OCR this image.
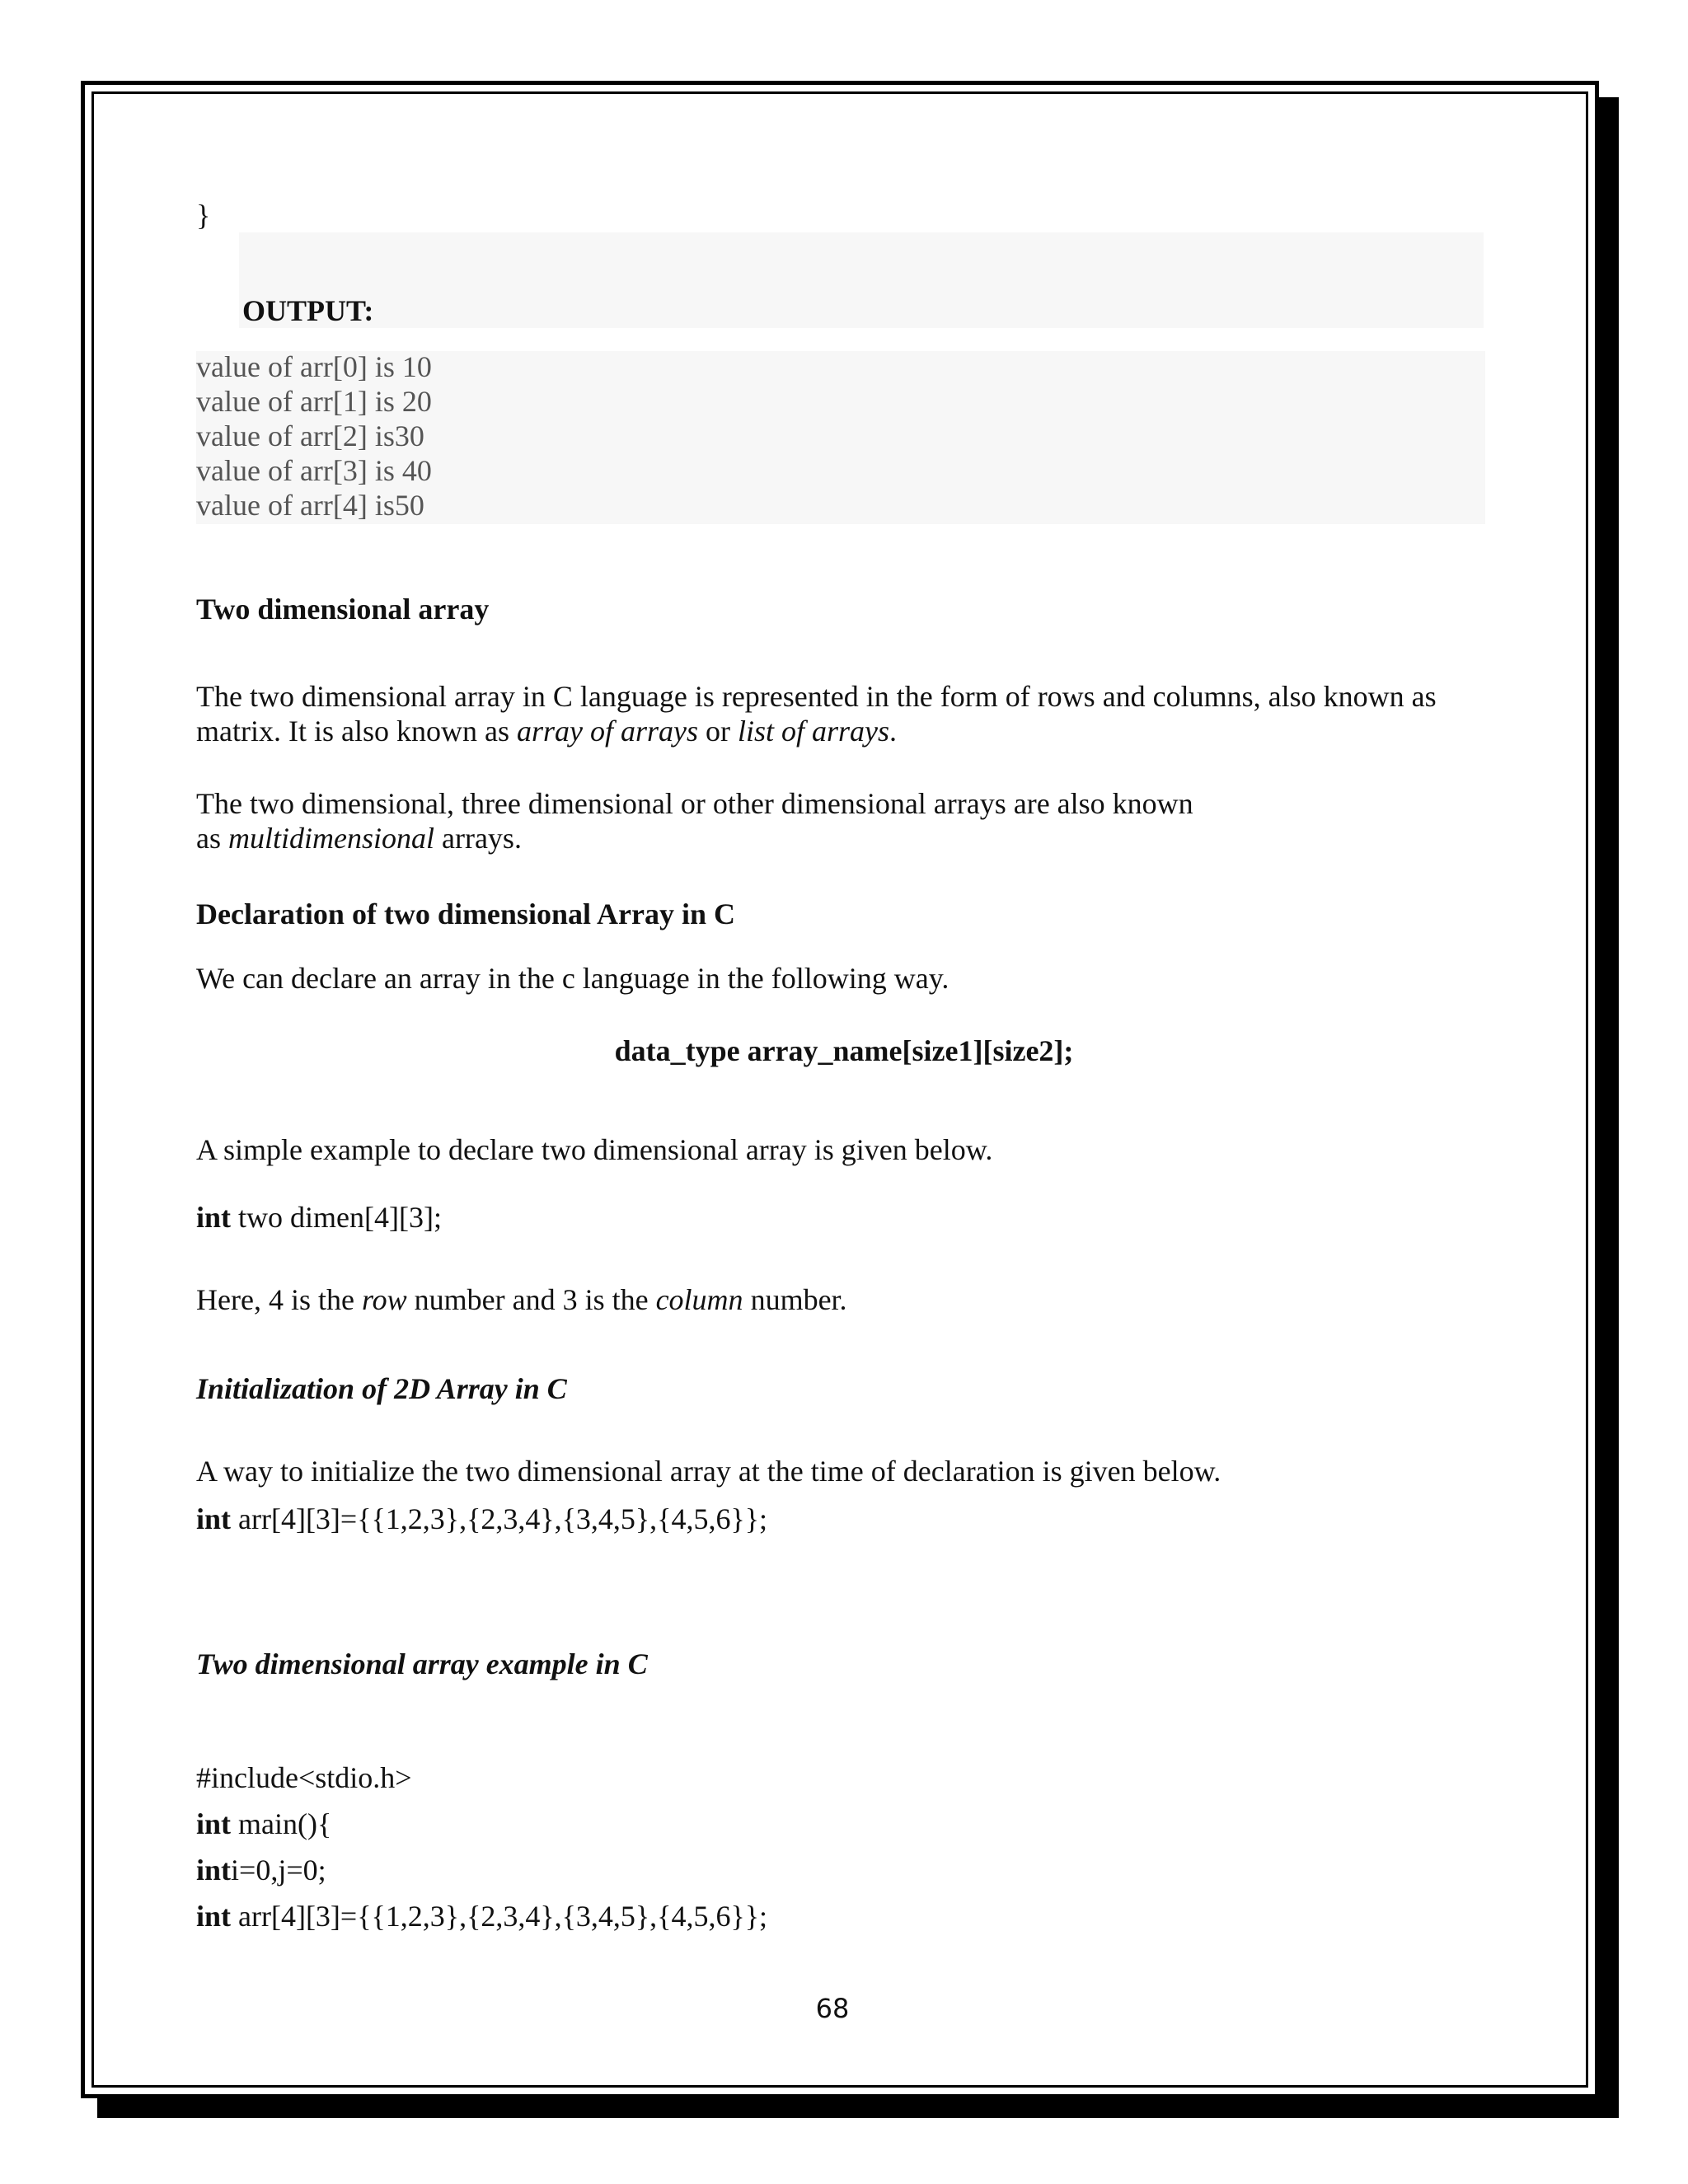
}
OUTPUT:
value of arr[0] is 10
value of arr[1] is 20
value of arr[2] is30
value of arr[3] is 40
value of arr[4] is50
Two dimensional array
The two dimensional array in C language is represented in the form of rows and columns, also known as
matrix. It is also known as array of arrays or list of arrays.
The two dimensional, three dimensional or other dimensional arrays are also known
as multidimensional arrays.
Declaration of two dimensional Array in C
We can declare an array in the c language in the following way.
data_type array_name[size1][size2];
A simple example to declare two dimensional array is given below.
int two dimen[4][3];
Here, 4 is the row number and 3 is the column number.
Initialization of 2D Array in C
A way to initialize the two dimensional array at the time of declaration is given below.
int arr[4][3]={{1,2,3},{2,3,4},{3,4,5},{4,5,6}};
Two dimensional array example in C
#include<stdio.h>
int main(){
inti=0,j=0;
int arr[4][3]={{1,2,3},{2,3,4},{3,4,5},{4,5,6}};
68
